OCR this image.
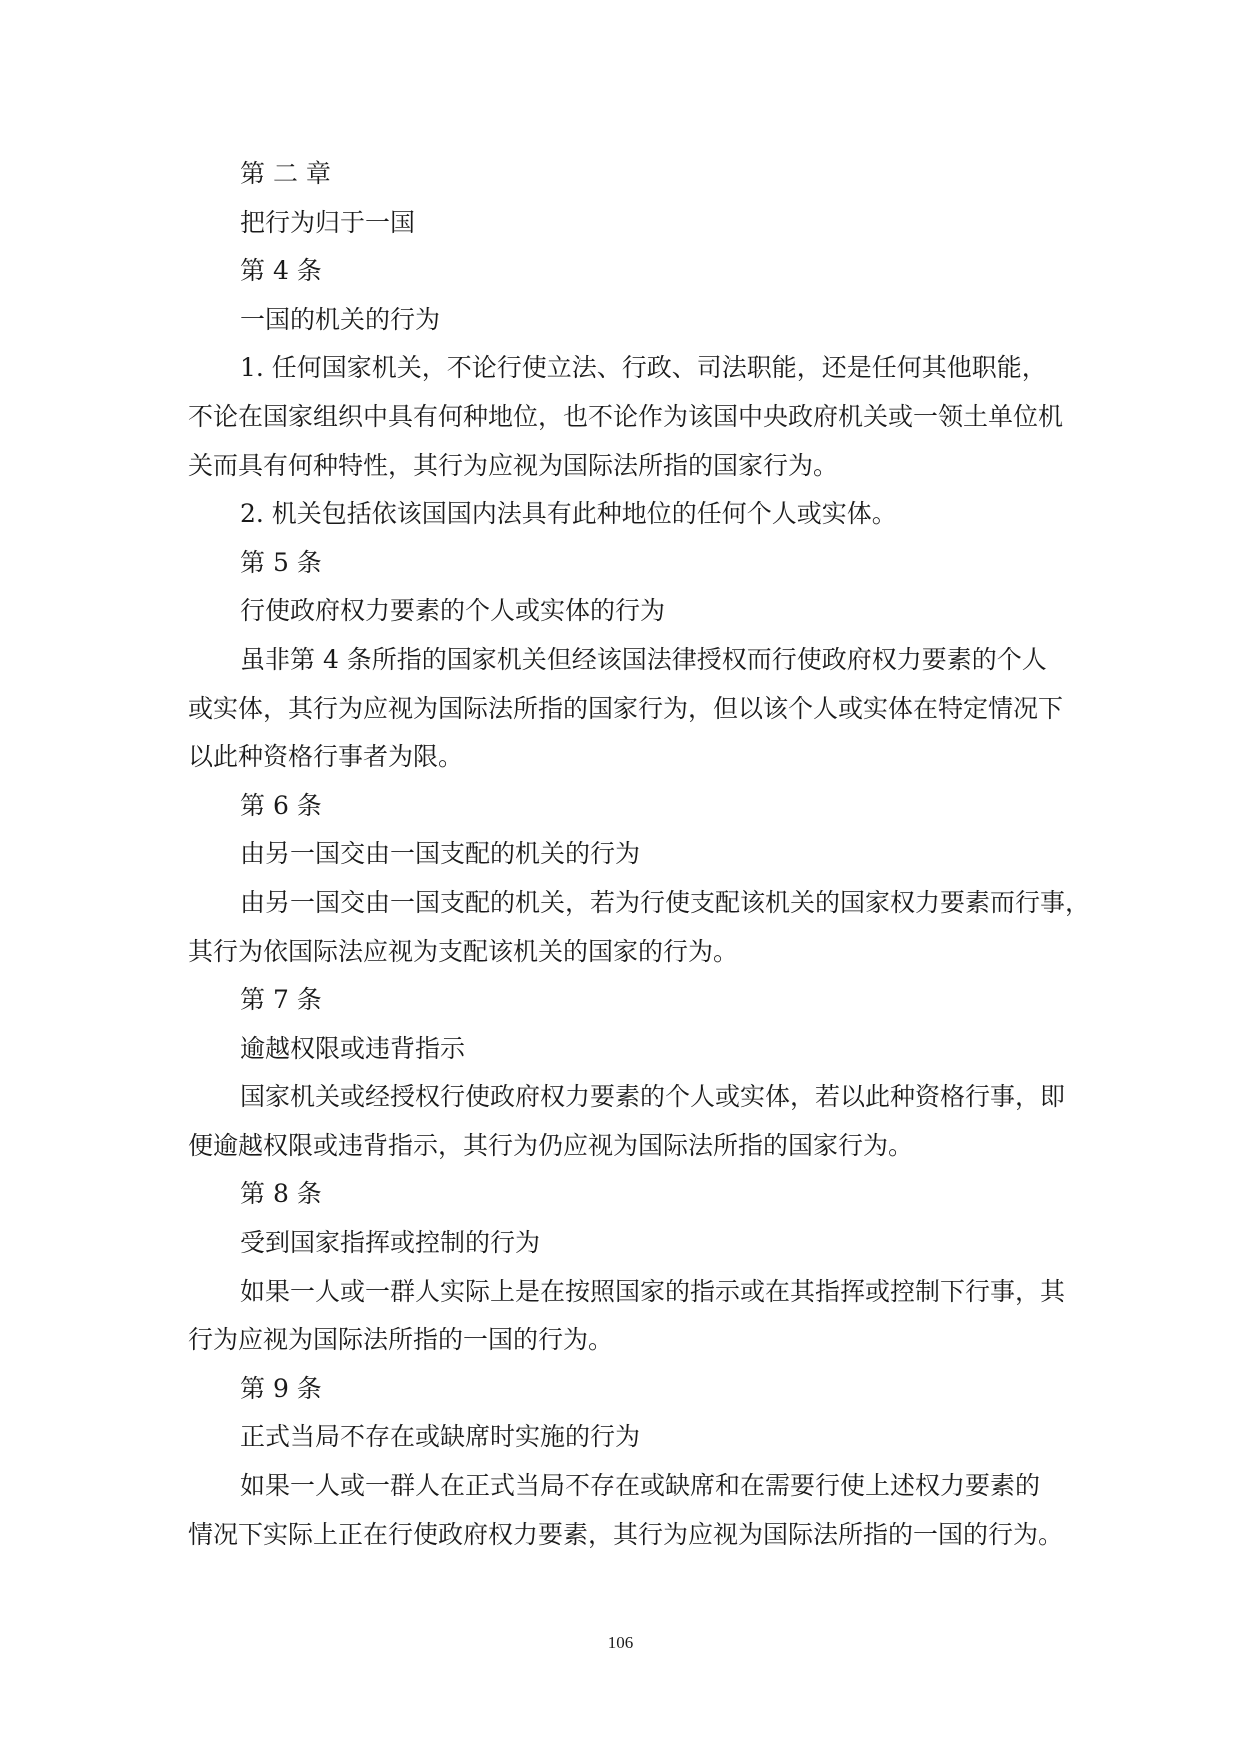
第 二 章
把行为归于一国
第 4 条
一国的机关的行为
1. 任何国家机关，不论行使立法、行政、司法职能，还是任何其他职能，
不论在国家组织中具有何种地位，也不论作为该国中央政府机关或一领土单位机
关而具有何种特性，其行为应视为国际法所指的国家行为。
2. 机关包括依该国国内法具有此种地位的任何个人或实体。
第 5 条
行使政府权力要素的个人或实体的行为
虽非第 4 条所指的国家机关但经该国法律授权而行使政府权力要素的个人
或实体，其行为应视为国际法所指的国家行为，但以该个人或实体在特定情况下
以此种资格行事者为限。
第 6 条
由另一国交由一国支配的机关的行为
由另一国交由一国支配的机关，若为行使支配该机关的国家权力要素而行事，
其行为依国际法应视为支配该机关的国家的行为。
第 7 条
逾越权限或违背指示
国家机关或经授权行使政府权力要素的个人或实体，若以此种资格行事，即
便逾越权限或违背指示，其行为仍应视为国际法所指的国家行为。
第 8 条
受到国家指挥或控制的行为
如果一人或一群人实际上是在按照国家的指示或在其指挥或控制下行事，其
行为应视为国际法所指的一国的行为。
第 9 条
正式当局不存在或缺席时实施的行为
如果一人或一群人在正式当局不存在或缺席和在需要行使上述权力要素的
情况下实际上正在行使政府权力要素，其行为应视为国际法所指的一国的行为。
106
